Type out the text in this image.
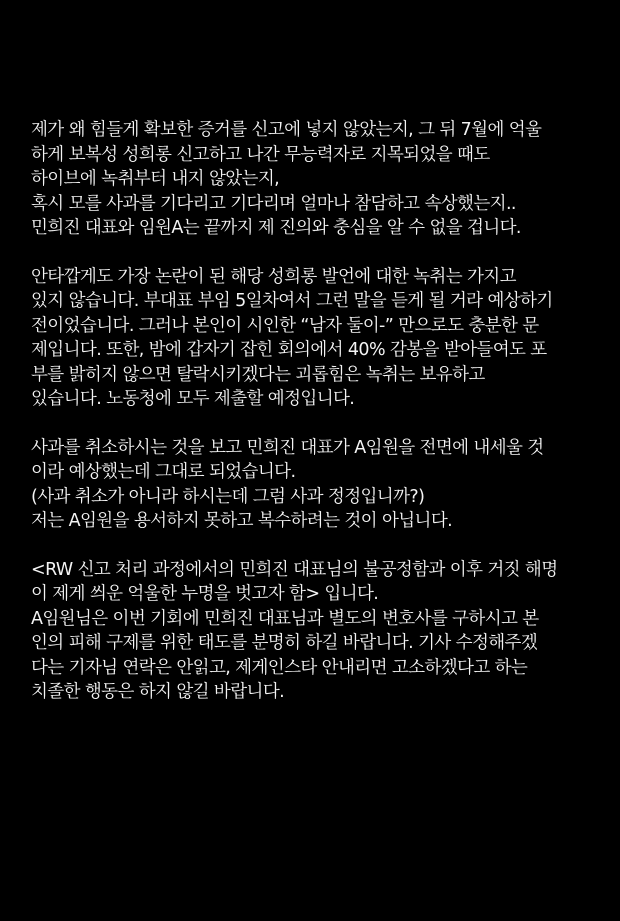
제가 왜 힘들게 확보한 증거를 신고에 넣지 않았는지, 그 뒤 7월에 억울
하게 보복성 성희롱 신고하고 나간 무능력자로 지목되었을 때도
하이브에 녹취부터 내지 않았는지,
혹시 모를 사과를 기다리고 기다리며 얼마나 참담하고 속상했는지..
민희진 대표와 임원A는 끝까지 제 진의와 충심을 알 수 없을 겁니다.
안타깝게도 가장 논란이 된 해당 성희롱 발언에 대한 녹취는 가지고
있지 않습니다. 부대표 부임 5일차여서 그런 말을 듣게 될 거라 예상하기
전이었습니다. 그러나 본인이 시인한 “남자 둘이-” 만으로도 충분한 문
제입니다. 또한, 밤에 갑자기 잡힌 회의에서 40% 감봉을 받아들여도 포
부를 밝히지 않으면 탈락시키겠다는 괴롭힘은 녹취는 보유하고
있습니다. 노동청에 모두 제출할 예정입니다.
사과를 취소하시는 것을 보고 민희진 대표가 A임원을 전면에 내세울 것
이라 예상했는데 그대로 되었습니다.
(사과 취소가 아니라 하시는데 그럼 사과 정정입니까?)
저는 A임원을 용서하지 못하고 복수하려는 것이 아닙니다.
<RW 신고 처리 과정에서의 민희진 대표님의 불공정함과 이후 거짓 해명
이 제게 씌운 억울한 누명을 벗고자 함> 입니다.
A임원님은 이번 기회에 민희진 대표님과 별도의 변호사를 구하시고 본
인의 피해 구제를 위한 태도를 분명히 하길 바랍니다. 기사 수정해주겠
다는 기자님 연락은 안읽고, 제게인스타 안내리면 고소하겠다고 하는
치졸한 행동은 하지 않길 바랍니다.
